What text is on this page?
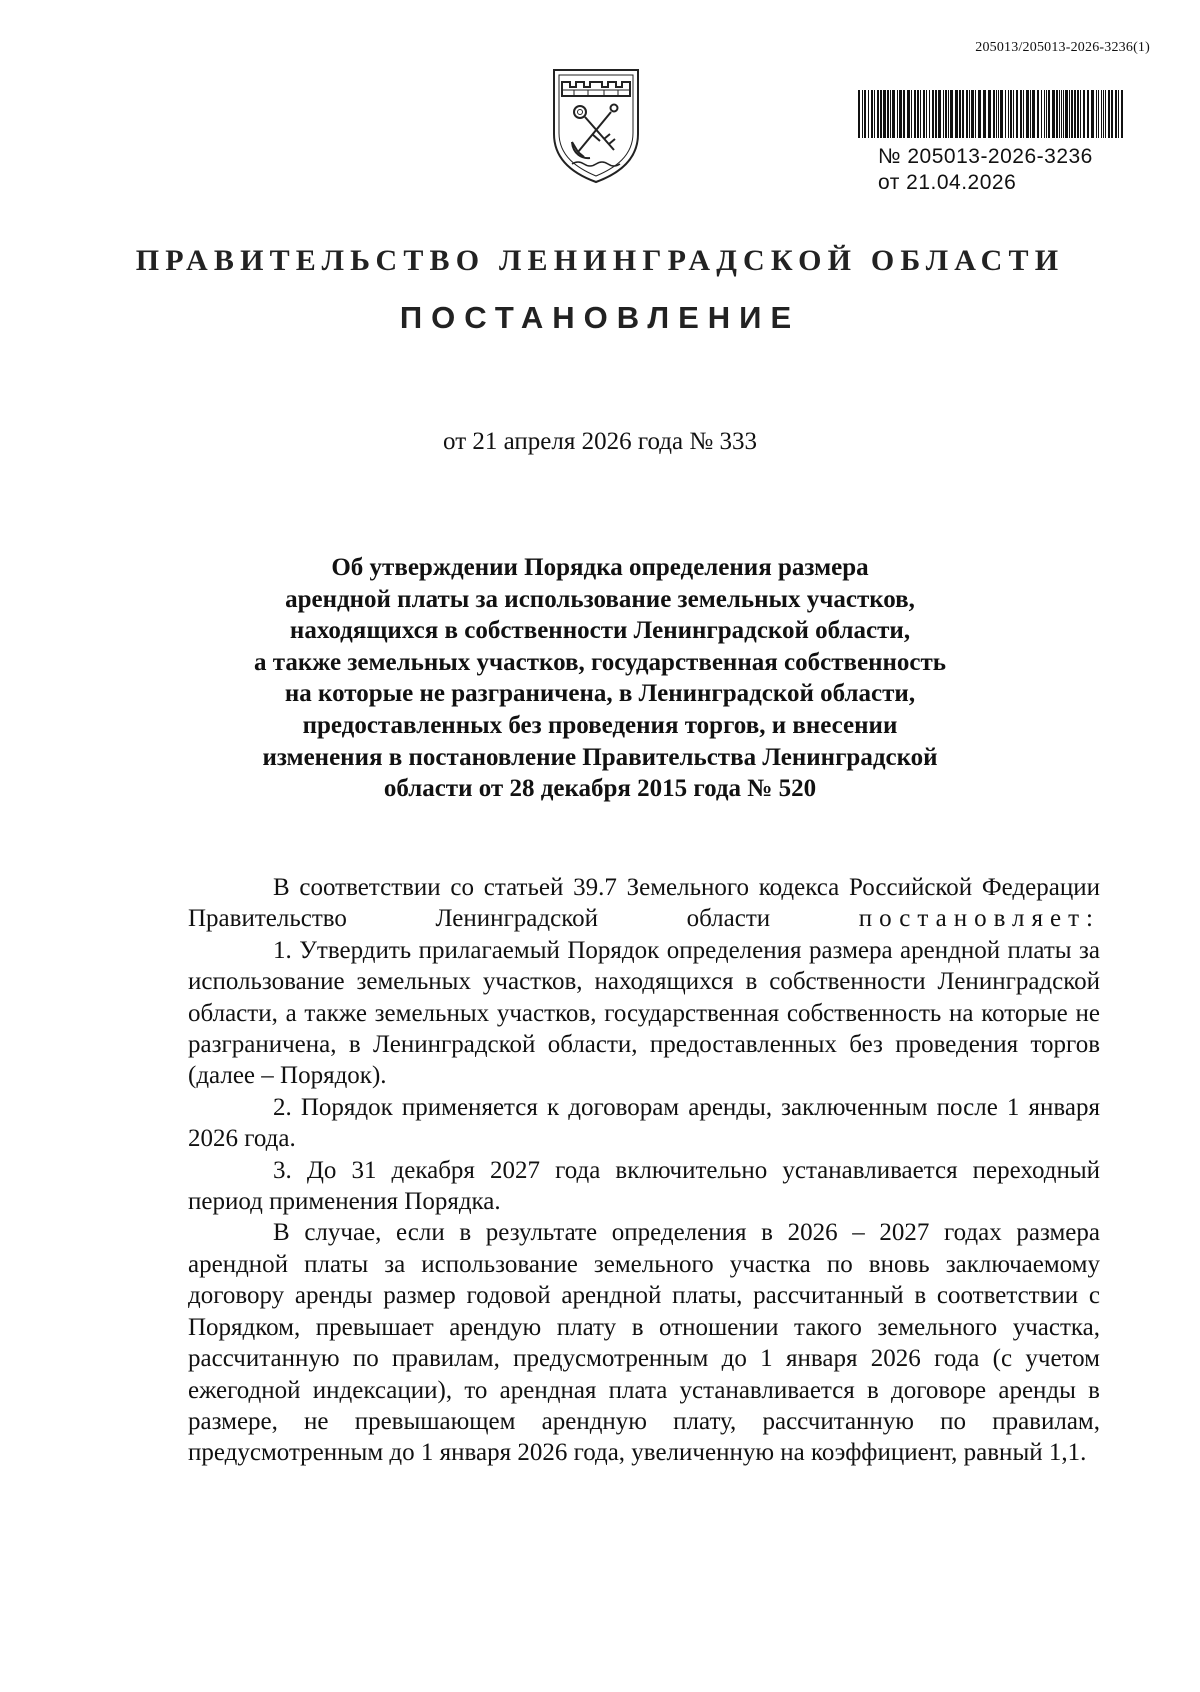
205013/205013-2026-3236(1)
№ 205013-2026-3236
от 21.04.2026
ПРАВИТЕЛЬСТВО ЛЕНИНГРАДСКОЙ ОБЛАСТИ
ПОСТАНОВЛЕНИЕ
от 21 апреля 2026 года № 333
Об утверждении Порядка определения размера
арендной платы за использование земельных участков,
находящихся в собственности Ленинградской области,
а также земельных участков, государственная собственность
на которые не разграничена, в Ленинградской области,
предоставленных без проведения торгов, и внесении
изменения в постановление Правительства Ленинградской
области от 28 декабря 2015 года № 520

В соответствии со статьей 39.7 Земельного кодекса Российской Федерации Правительство Ленинградской области постановляет:

1. Утвердить прилагаемый Порядок определения размера арендной платы за использование земельных участков, находящихся в собственности Ленинградской области, а также земельных участков, государственная собственность на которые не разграничена, в Ленинградской области, предоставленных без проведения торгов (далее – Порядок).

2. Порядок применяется к договорам аренды, заключенным после 1 января 2026 года.

3. До 31 декабря 2027 года включительно устанавливается переходный период применения Порядка.

В случае, если в результате определения в 2026 – 2027 годах размера арендной платы за использование земельного участка по вновь заключаемому договору аренды размер годовой арендной платы, рассчитанный в соответствии с Порядком, превышает арендую плату в отношении такого земельного участка, рассчитанную по правилам, предусмотренным до 1 января 2026 года (с учетом ежегодной индексации), то арендная плата устанавливается в договоре аренды в размере, не превышающем арендную плату, рассчитанную по правилам, предусмотренным до 1 января 2026 года, увеличенную на коэффициент, равный 1,1.
